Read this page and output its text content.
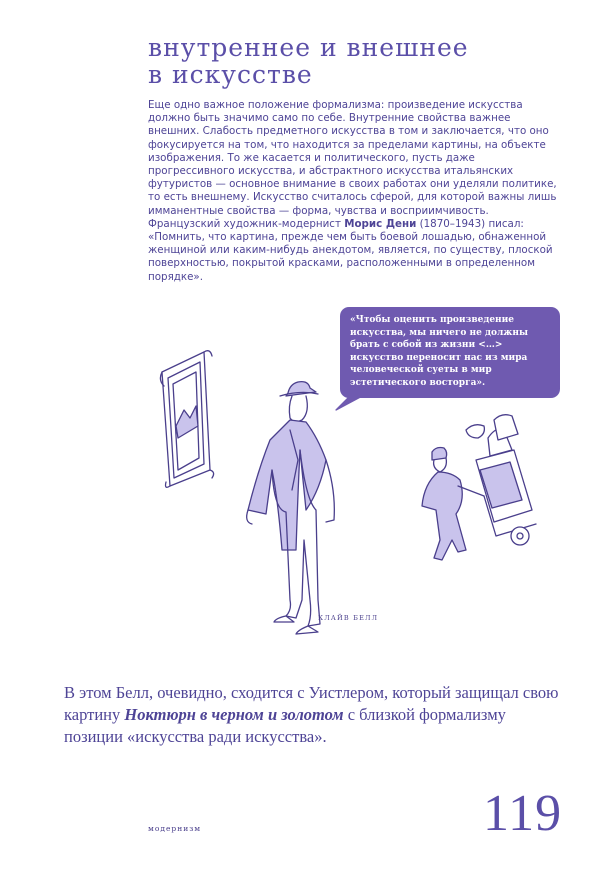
внутреннее и внешнее
в искусстве

Еще одно важное положение формализма: произведение искусства должно быть значимо само по себе. Внутренние свойства важнее внешних. Слабость предметного искусства в том и заключается, что оно фокусируется на том, что находится за пределами картины, на объекте изображения. То же касается и политического, пусть даже прогрессивного искусства, и абстрактного искусства итальянских футуристов — основное внимание в своих работах они уделяли политике, то есть внешнему. Искусство считалось сферой, для которой важны лишь имманентные свойства — форма, чувства и восприимчивость. Французский художник-модернист Морис Дени (1870–1943) писал: «Помнить, что картина, прежде чем быть боевой лошадью, обнаженной женщиной или каким-нибудь анекдотом, является, по существу, плоской поверхностью, покрытой красками, расположенными в определенном порядке».

«Чтобы оценить произведение искусства, мы ничего не должны брать с собой из жизни <…> искусство переносит нас из мира человеческой суеты в мир эстетического восторга».
КЛАЙВ БЕЛЛ

В этом Белл, очевидно, сходится с Уистлером, который защищал свою картину Ноктюрн в черном и золотом с близкой формализму позиции «искусства ради искусства».

модернизм	119
